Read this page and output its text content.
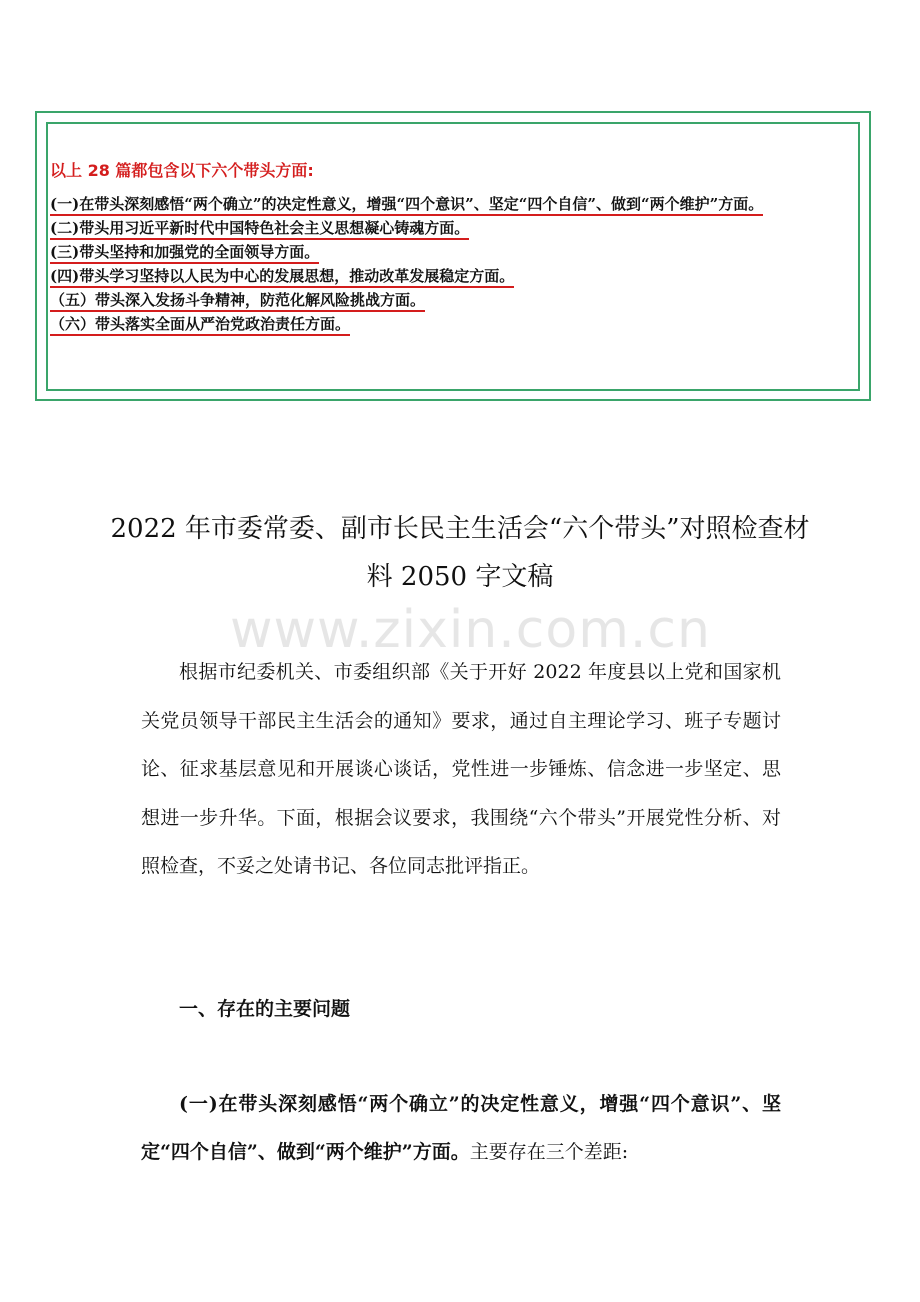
以上 28 篇都包含以下六个带头方面:

(一)在带头深刻感悟“两个确立”的决定性意义，增强“四个意识”、坚定“四个自信”、做到“两个维护”方面。

(二)带头用习近平新时代中国特色社会主义思想凝心铸魂方面。

(三)带头坚持和加强党的全面领导方面。

(四)带头学习坚持以人民为中心的发展思想，推动改革发展稳定方面。

（五）带头深入发扬斗争精神，防范化解风险挑战方面。

（六）带头落实全面从严治党政治责任方面。

2022 年市委常委、副市长民主生活会“六个带头”对照检查材料 2050 字文稿
www.zixin.com.cn

根据市纪委机关、市委组织部《关于开好 2022 年度县以上党和国家机关党员领导干部民主生活会的通知》要求，通过自主理论学习、班子专题讨论、征求基层意见和开展谈心谈话，党性进一步锤炼、信念进一步坚定、思想进一步升华。下面，根据会议要求，我围绕“六个带头”开展党性分析、对照检查，不妥之处请书记、各位同志批评指正。

一、存在的主要问题

(一)在带头深刻感悟“两个确立”的决定性意义，增强“四个意识”、坚定“四个自信”、做到“两个维护”方面。主要存在三个差距:
